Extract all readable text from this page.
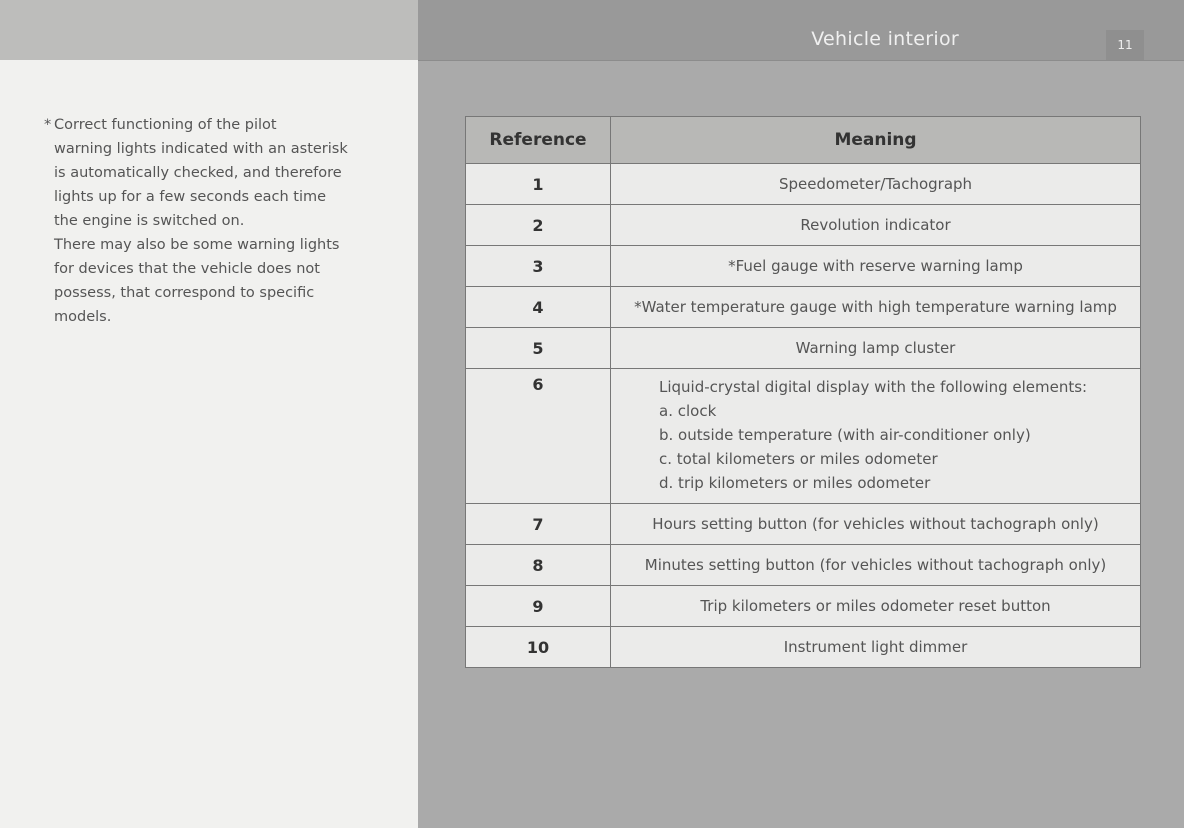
* Correct functioning of the pilot

warning lights indicated with an asterisk

is automatically checked, and therefore

lights up for a few seconds each time

the engine is switched on.

There may also be some warning lights

for devices that the vehicle does not

possess, that correspond to specific

models.

Vehicle interior	11
Reference	Meaning
1	Speedometer/Tachograph
2	Revolution indicator
3	*Fuel gauge with reserve warning lamp
4	*Water temperature gauge with high temperature warning lamp
5	Warning lamp cluster
6	Liquid-crystal digital display with the following elements:
a. clock
b. outside temperature (with air-conditioner only)
c. total kilometers or miles odometer
d. trip kilometers or miles odometer

7	Hours setting button (for vehicles without tachograph only)
8	Minutes setting button (for vehicles without tachograph only)
9	Trip kilometers or miles odometer reset button
10	Instrument light dimmer
